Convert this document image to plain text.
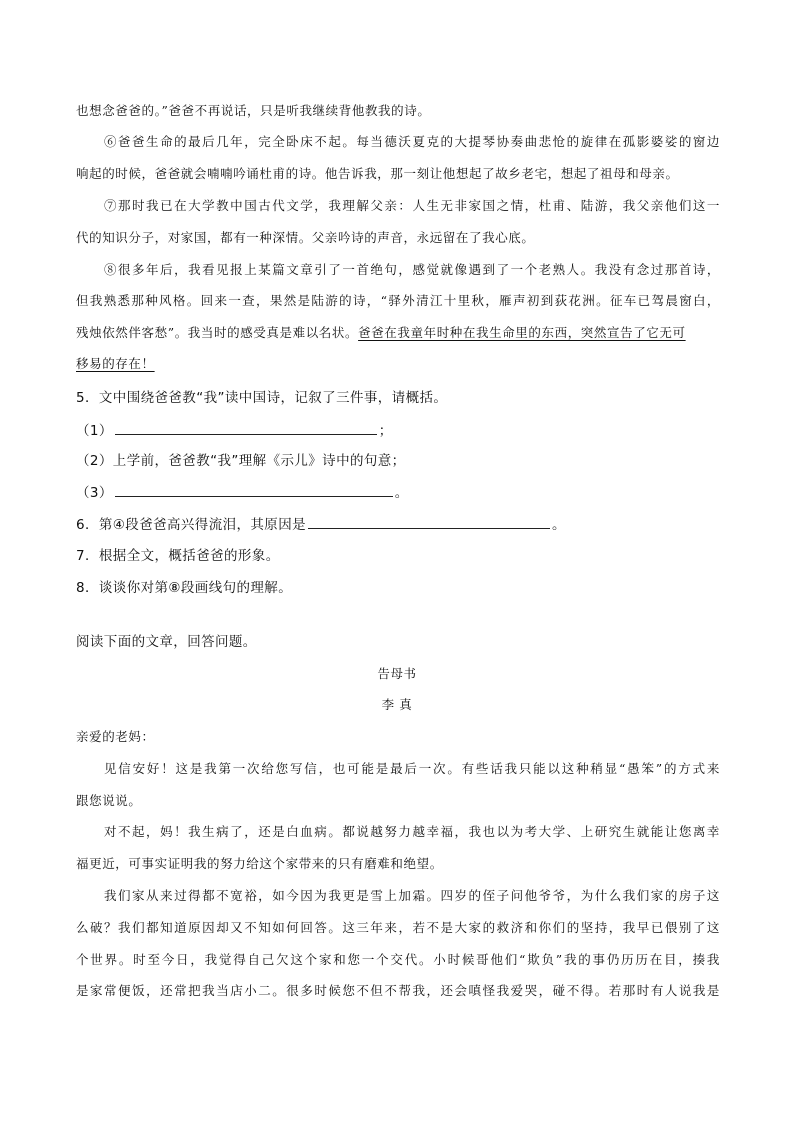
也想念爸爸的。”爸爸不再说话，只是听我继续背他教我的诗。
⑥爸爸生命的最后几年，完全卧床不起。每当德沃夏克的大提琴协奏曲悲怆的旋律在孤影婆娑的窗边
响起的时候，爸爸就会喃喃吟诵杜甫的诗。他告诉我，那一刻让他想起了故乡老宅，想起了祖母和母亲。
⑦那时我已在大学教中国古代文学，我理解父亲：人生无非家国之情，杜甫、陆游，我父亲他们这一
代的知识分子，对家国，都有一种深情。父亲吟诗的声音，永远留在了我心底。
⑧很多年后，我看见报上某篇文章引了一首绝句，感觉就像遇到了一个老熟人。我没有念过那首诗，
但我熟悉那种风格。回来一查，果然是陆游的诗，“驿外清江十里秋，雁声初到荻花洲。征车已驾晨窗白，
残烛依然伴客愁”。我当时的感受真是难以名状。爸爸在我童年时种在我生命里的东西，突然宣告了它无可
移易的存在！
5．文中围绕爸爸教“我”读中国诗，记叙了三件事，请概括。
（1）	；
（2）上学前，爸爸教“我”理解《示儿》诗中的句意；
（3）	。
6．第④段爸爸高兴得流泪，其原因是	。
7．根据全文，概括爸爸的形象。
8．谈谈你对第⑧段画线句的理解。
阅读下面的文章，回答问题。
告母书
李 真
亲爱的老妈：
见信安好！这是我第一次给您写信，也可能是最后一次。有些话我只能以这种稍显“愚笨”的方式来
跟您说说。
对不起，妈！我生病了，还是白血病。都说越努力越幸福，我也以为考大学、上研究生就能让您离幸
福更近，可事实证明我的努力给这个家带来的只有磨难和绝望。
我们家从来过得都不宽裕，如今因为我更是雪上加霜。四岁的侄子问他爷爷，为什么我们家的房子这
么破？我们都知道原因却又不知如何回答。这三年来，若不是大家的救济和你们的坚持，我早已偎别了这
个世界。时至今日，我觉得自己欠这个家和您一个交代。小时候哥他们“欺负”我的事仍历历在目，揍我
是家常便饭，还常把我当店小二。很多时候您不但不帮我，还会嗔怪我爱哭，碰不得。若那时有人说我是
